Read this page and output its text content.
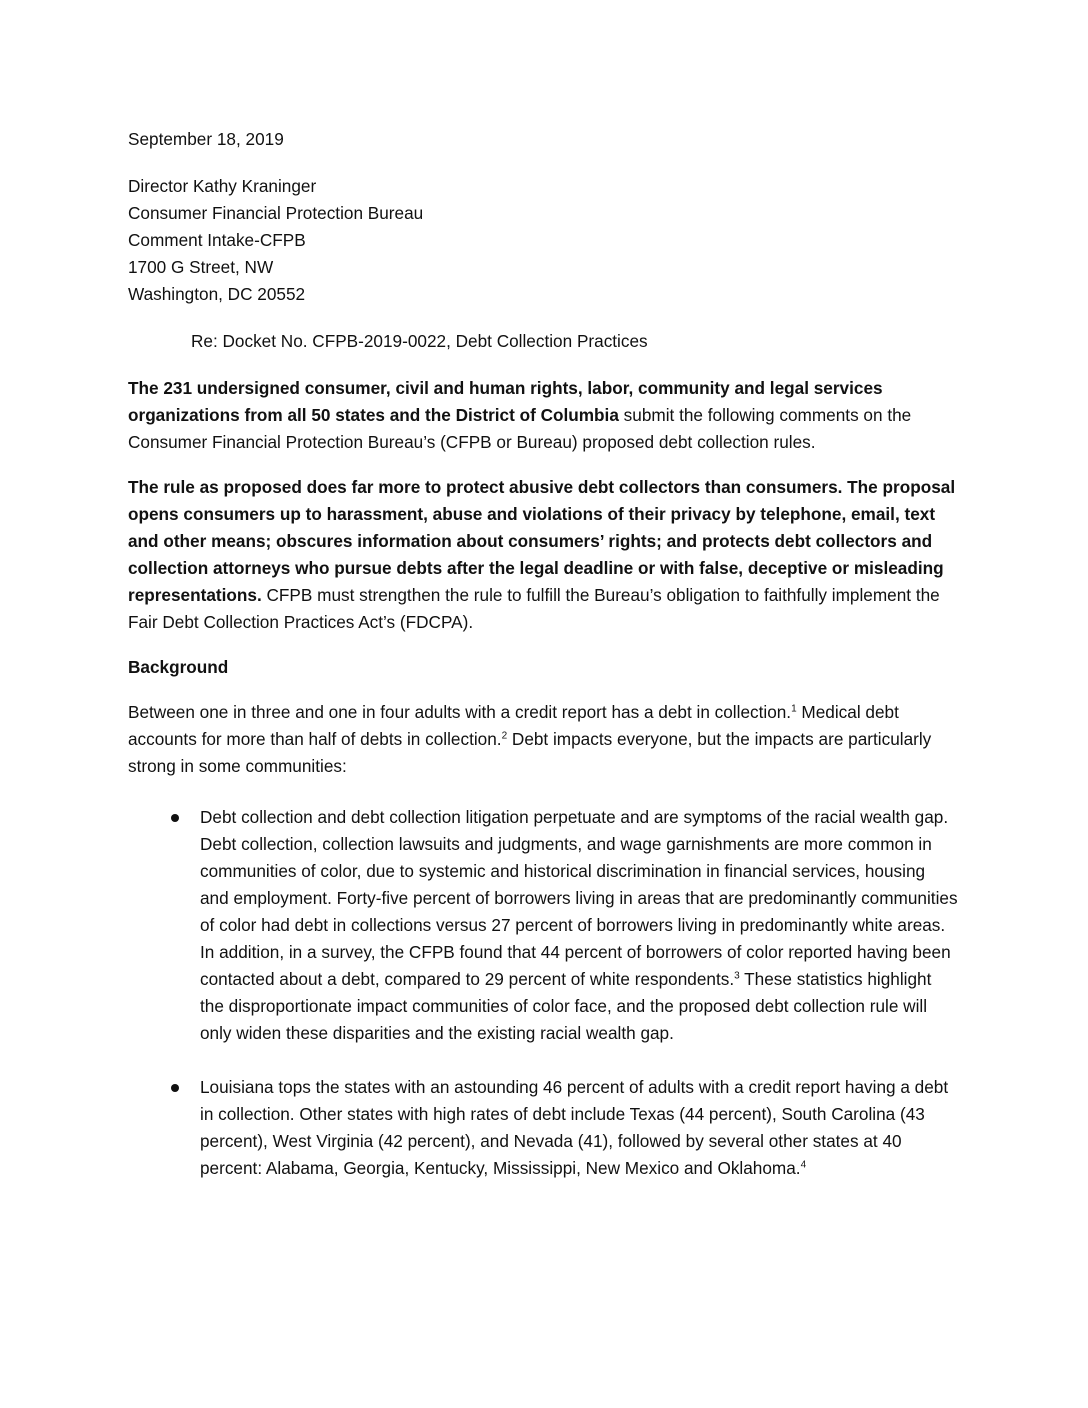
September 18, 2019

Director Kathy Kraninger
Consumer Financial Protection Bureau
Comment Intake-CFPB
1700 G Street, NW
Washington, DC 20552

Re: Docket No. CFPB-2019-0022, Debt Collection Practices

The 231 undersigned consumer, civil and human rights, labor, community and legal services organizations from all 50 states and the District of Columbia submit the following comments on the Consumer Financial Protection Bureau’s (CFPB or Bureau) proposed debt collection rules.

The rule as proposed does far more to protect abusive debt collectors than consumers. The proposal opens consumers up to harassment, abuse and violations of their privacy by telephone, email, text and other means; obscures information about consumers’ rights; and protects debt collectors and collection attorneys who pursue debts after the legal deadline or with false, deceptive or misleading representations. CFPB must strengthen the rule to fulfill the Bureau’s obligation to faithfully implement the Fair Debt Collection Practices Act’s (FDCPA).

Background

Between one in three and one in four adults with a credit report has a debt in collection.$^1$ Medical debt accounts for more than half of debts in collection.$^2$ Debt impacts everyone, but the impacts are particularly strong in some communities:

Debt collection and debt collection litigation perpetuate and are symptoms of the racial wealth gap. Debt collection, collection lawsuits and judgments, and wage garnishments are more common in communities of color, due to systemic and historical discrimination in financial services, housing and employment. Forty-five percent of borrowers living in areas that are predominantly communities of color had debt in collections versus 27 percent of borrowers living in predominantly white areas. In addition, in a survey, the CFPB found that 44 percent of borrowers of color reported having been contacted about a debt, compared to 29 percent of white respondents.$^3$ These statistics highlight the disproportionate impact communities of color face, and the proposed debt collection rule will only widen these disparities and the existing racial wealth gap.
Louisiana tops the states with an astounding 46 percent of adults with a credit report having a debt in collection. Other states with high rates of debt include Texas (44 percent), South Carolina (43 percent), West Virginia (42 percent), and Nevada (41), followed by several other states at 40 percent: Alabama, Georgia, Kentucky, Mississippi, New Mexico and Oklahoma.$^4$
